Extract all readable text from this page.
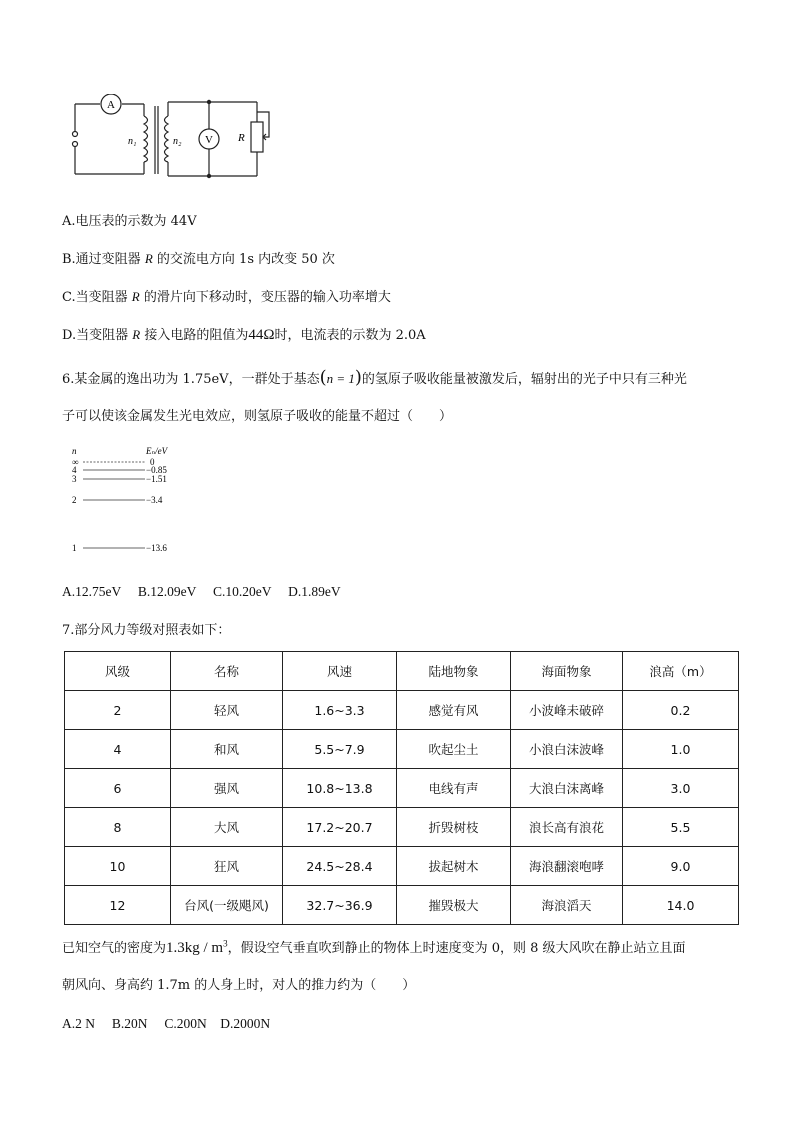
A
V
n₁	n₂	R
A.电压表的示数为 44V
B.通过变阻器 R 的交流电方向 1s 内改变 50 次
C.当变阻器 R 的滑片向下移动时，变压器的输入功率增大
D.当变阻器 R 接入电路的阻值为44Ω时，电流表的示数为 2.0A
6.某金属的逸出功为 1.75eV，一群处于基态(n = 1)的氢原子吸收能量被激发后，辐射出的光子中只有三种光
子可以使该金属发生光电效应，则氢原子吸收的能量不超过（　　）
n	Eₙ/eV
∞	0
4	−0.85
3	−1.51
2	−3.4
1	−13.6
A.12.75eV　 B.12.09eV　 C.10.20eV　 D.1.89eV
7.部分风力等级对照表如下：
风级	名称	风速	陆地物象	海面物象	浪高（m）
2	轻风	1.6~3.3	感觉有风	小波峰未破碎	0.2
4	和风	5.5~7.9	吹起尘土	小浪白沫波峰	1.0
6	强风	10.8~13.8	电线有声	大浪白沫离峰	3.0
8	大风	17.2~20.7	折毁树枝	浪长高有浪花	5.5
10	狂风	24.5~28.4	拔起树木	海浪翻滚咆哮	9.0
12	台风(一级飓风)	32.7~36.9	摧毁极大	海浪滔天	14.0
已知空气的密度为$1.3kg / m^3$，假设空气垂直吹到静止的物体上时速度变为 0，则 8 级大风吹在静止站立且面
朝风向、身高约 1.7m 的人身上时，对人的推力约为（　　）
A.2 N　 B.20N　 C.200N　D.2000N
